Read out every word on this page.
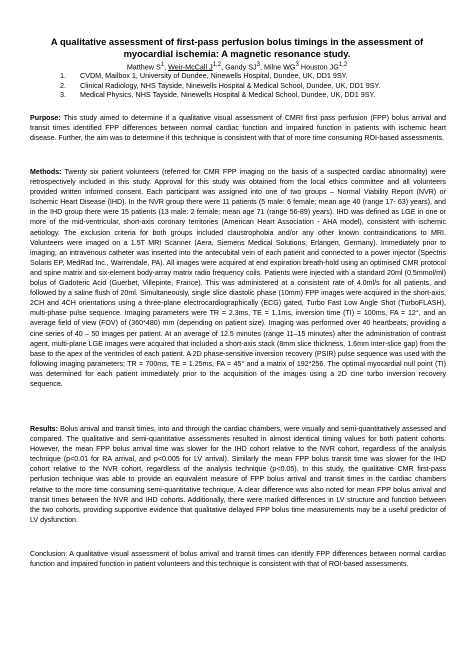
A qualitative assessment of first-pass perfusion bolus timings in the assessment of
myocardial ischemia: A magnetic resonance study.
Matthew $S^1$, Weir-McCall J$^{1,2}$, Gandy $SJ^3$, Milne $WG^3$ Houston JG$^{1,2}$
1. CVDM, Mailbox 1, University of Dundee, Ninewells Hospital, Dundee, UK, DD1 9SY.
2. Clinical Radiology, NHS Tayside, Ninewells Hospital & Medical School, Dundee, UK, DD1 9SY.
3. Medical Physics, NHS Tayside, Ninewells Hospital & Medical School, Dundee, UK, DD1 9SY.
Purpose: This study aimed to determine if a qualitative visual assessment of CMRI first pass perfusion (FPP) bolus arrival and transit times identified FPP differences between normal cardiac function and impaired function in patients with ischemic heart disease. Further, the aim was to determine if this technique is consistent with that of more time consuming ROI-based assessments.
Methods: Twenty six patient volunteers (referred for CMR FPP imaging on the basis of a suspected cardiac abnormality) were retrospectively included in this study. Approval for this study was obtained from the local ethics committee and all volunteers provided written informed consent. Each participant was assigned into one of two groups – Normal Viability Report (NVR) or Ischemic Heart Disease (IHD). In the NVR group there were 11 patients (5 male: 6 female; mean age 40 (range 17- 63) years), and in the IHD group there were 15 patients (13 male: 2 female; mean age 71 (range 56-89) years). IHD was defined as LGE in one or more of the mid-ventricular, short-axis coronary territories (American Heart Association - AHA model), consistent with ischemic aetiology. The exclusion criteria for both groups included claustrophobia and/or any other known contraindications to MRI. Volunteers were imaged on a 1.5T MRI Scanner (Aera, Siemens Medical Solutions, Erlangen, Germany). Immediately prior to imaging, an intravenous catheter was inserted into the antecubital vein of each patient and connected to a power injector (Spectris Solaris EP, MedRad Inc., Warrendale, PA). All images were acquired at end expiration breath-hold using an optimised CMR protocol and spine matrix and six-element body-array matrix radio frequency coils. Patients were injected with a standard 20ml (0.5mmol/ml) bolus of Gadoteric Acid (Guerbet, Villepinte, France). This was administered at a consistent rate of 4.0ml/s for all patients, and followed by a saline flush of 20ml. Simultaneously, single slice diastolic phase (10mm) FPP images were acquired in the short-axis, 2CH and 4CH orientations using a three-plane electrocardiographically (ECG) gated, Turbo Fast Low Angle Shot (TurboFLASH), multi-phase pulse sequence. Imaging parameters were TR = 2.3ms, TE = 1.1ms, inversion time (TI) = 100ms, FA = 12°, and an average field of view (FOV) of (360*480) mm (depending on patient size). Imaging was performed over 40 heartbeats, providing a cine series of 40 – 50 images per patient. At an average of 12.5 minutes (range 11–15 minutes) after the administration of contrast agent, multi-plane LGE images were acquired that included a short-axis stack (8mm slice thickness, 1.6mm inter-slice gap) from the base to the apex of the ventricles of each patient. A 2D phase-sensitive inversion recovery (PSIR) pulse sequence was used with the following imaging parameters; TR = 700ms, TE = 1.25ms, FA = 45° and a matrix of 192*256. The optimal myocardial null point (TI) was determined for each patient immediately prior to the acquisition of the images using a 2D cine turbo inversion recovery sequence.
Results: Bolus arrival and transit times, into and through the cardiac chambers, were visually and semi-quantitatively assessed and compared. The qualitative and semi-quantitative assessments resulted in almost identical timing values for both patient cohorts. However, the mean FPP bolus arrival time was slower for the IHD cohort relative to the NVR cohort, regardless of the analysis technique (p<0.01 for RA arrival, and p<0.005 for LV arrival). Similarly the mean FPP bolus transit time was slower for the IHD cohort relative to the NVR cohort, regardless of the analysis technique (p<0.05). In this study, the qualitative CMR first-pass perfusion technique was able to provide an equivalent measure of FPP bolus arrival and transit times in the cardiac chambers relative to the more time consuming semi-quantitative technique. A clear difference was also noted for mean FPP bolus arrival and transit times between the NVR and IHD cohorts. Additionally, there were marked differences in LV structure and function between the two cohorts, providing supportive evidence that qualitative delayed FPP bolus time measurements may be a useful predictor of LV dysfunction.
Conclusion: A qualitative visual assessment of bolus arrival and transit times can identify FPP differences between normal cardiac function and impaired function in patient volunteers and this technique is consistent with that of ROI-based assessments.
